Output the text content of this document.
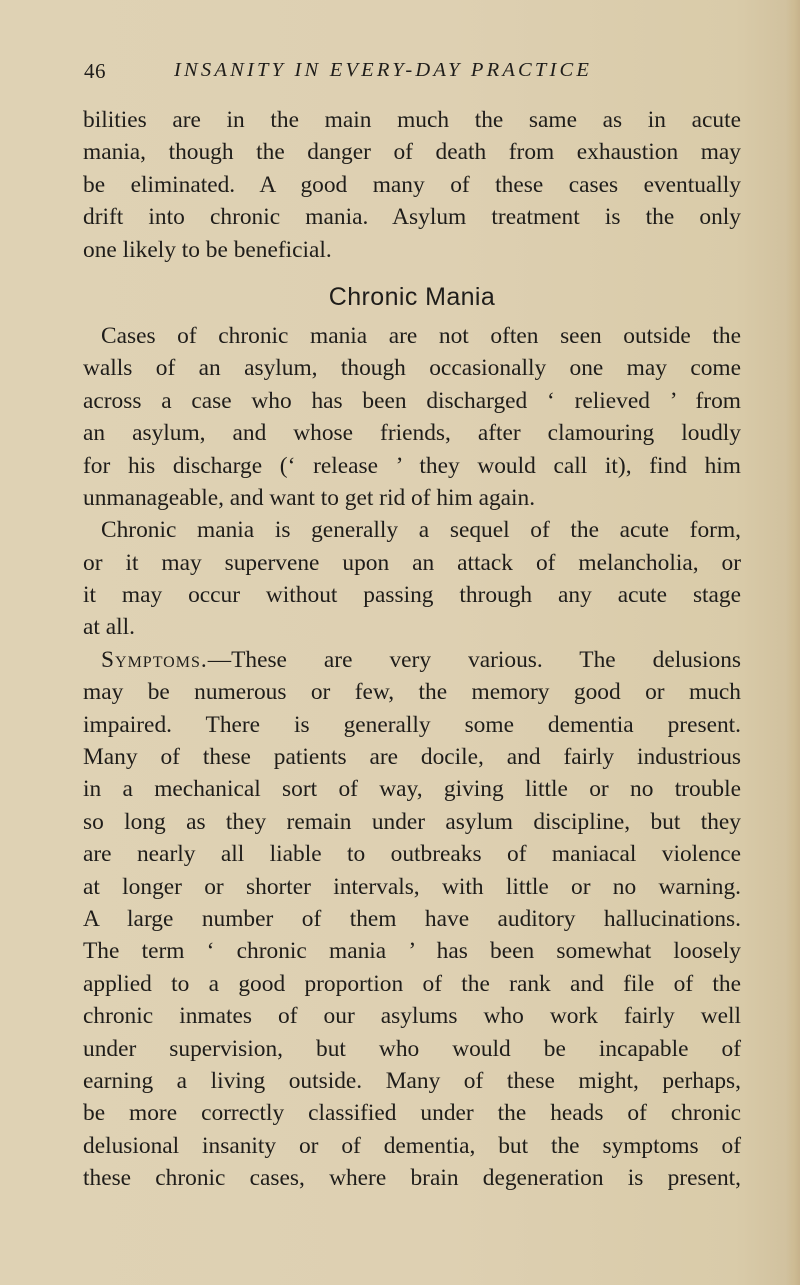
46	INSANITY IN EVERY-DAY PRACTICE
bilities are in the main much the same as in acute
mania, though the danger of death from exhaustion may
be eliminated. A good many of these cases eventually
drift into chronic mania. Asylum treatment is the only
one likely to be beneficial.
Chronic Mania
Cases of chronic mania are not often seen outside the
walls of an asylum, though occasionally one may come
across a case who has been discharged ‘ relieved ’ from
an asylum, and whose friends, after clamouring loudly
for his discharge (‘ release ’ they would call it), find him
unmanageable, and want to get rid of him again.
Chronic mania is generally a sequel of the acute form,
or it may supervene upon an attack of melancholia, or
it may occur without passing through any acute stage
at all.
Symptoms.—These are very various. The delusions
may be numerous or few, the memory good or much
impaired. There is generally some dementia present.
Many of these patients are docile, and fairly industrious
in a mechanical sort of way, giving little or no trouble
so long as they remain under asylum discipline, but they
are nearly all liable to outbreaks of maniacal violence
at longer or shorter intervals, with little or no warning.
A large number of them have auditory hallucinations.
The term ‘ chronic mania ’ has been somewhat loosely
applied to a good proportion of the rank and file of the
chronic inmates of our asylums who work fairly well
under supervision, but who would be incapable of
earning a living outside. Many of these might, perhaps,
be more correctly classified under the heads of chronic
delusional insanity or of dementia, but the symptoms of
these chronic cases, where brain degeneration is present,
